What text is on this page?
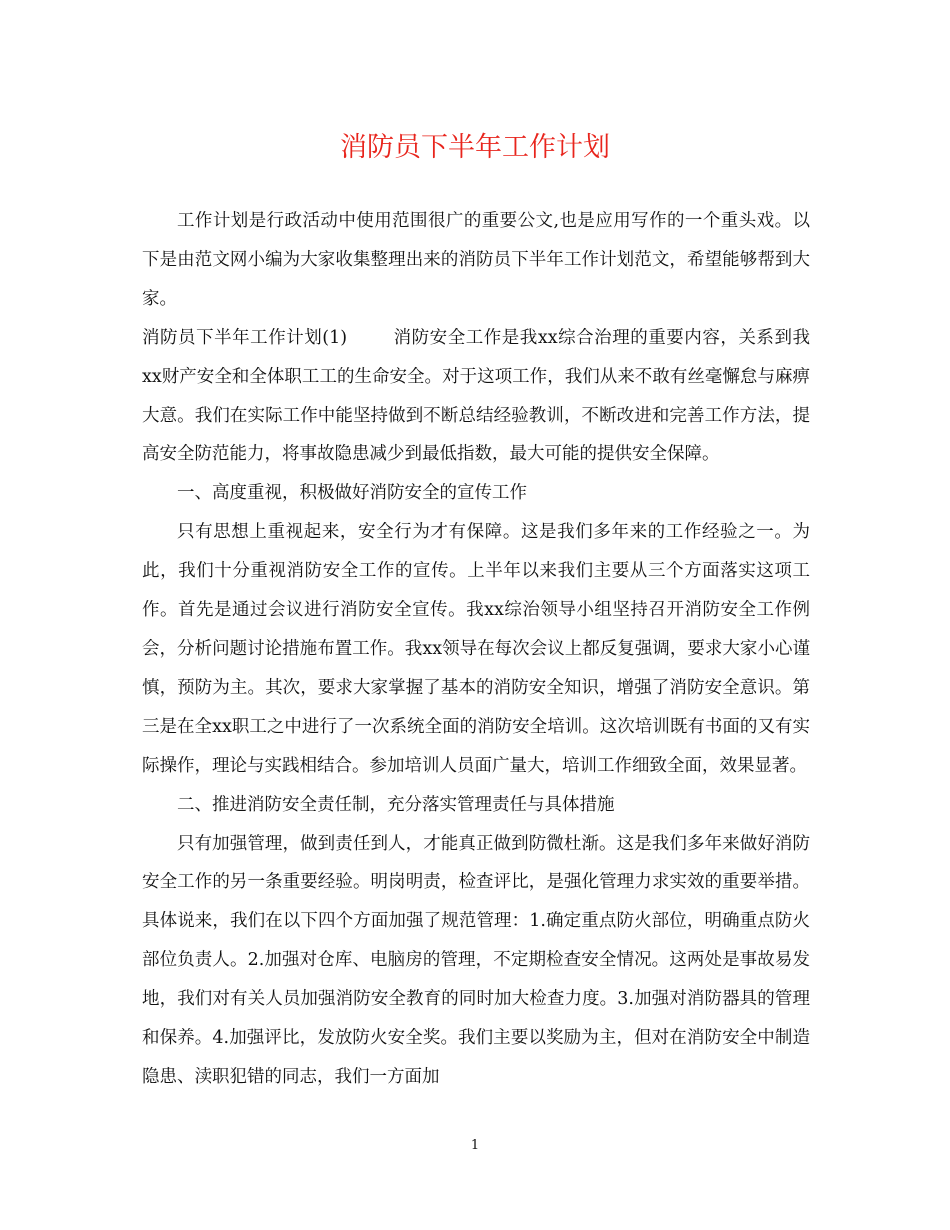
消防员下半年工作计划

工作计划是行政活动中使用范围很广的重要公文,也是应用写作的一个重头戏。以下是由范文网小编为大家收集整理出来的消防员下半年工作计划范文，希望能够帮到大家。

消防员下半年工作计划(1)	消防安全工作是我xx综合治理的重要内容，关系到我xx财产安全和全体职工工的生命安全。对于这项工作，我们从来不敢有丝毫懈怠与麻痹大意。我们在实际工作中能坚持做到不断总结经验教训，不断改进和完善工作方法，提高安全防范能力，将事故隐患减少到最低指数，最大可能的提供安全保障。

一、高度重视，积极做好消防安全的宣传工作

只有思想上重视起来，安全行为才有保障。这是我们多年来的工作经验之一。为此，我们十分重视消防安全工作的宣传。上半年以来我们主要从三个方面落实这项工作。首先是通过会议进行消防安全宣传。我xx综治领导小组坚持召开消防安全工作例会，分析问题讨论措施布置工作。我xx领导在每次会议上都反复强调，要求大家小心谨慎，预防为主。其次，要求大家掌握了基本的消防安全知识，增强了消防安全意识。第三是在全xx职工之中进行了一次系统全面的消防安全培训。这次培训既有书面的又有实际操作，理论与实践相结合。参加培训人员面广量大，培训工作细致全面，效果显著。

二、推进消防安全责任制，充分落实管理责任与具体措施

只有加强管理，做到责任到人，才能真正做到防微杜渐。这是我们多年来做好消防安全工作的另一条重要经验。明岗明责，检查评比，是强化管理力求实效的重要举措。具体说来，我们在以下四个方面加强了规范管理：1.确定重点防火部位，明确重点防火部位负责人。2.加强对仓库、电脑房的管理，不定期检查安全情况。这两处是事故易发地，我们对有关人员加强消防安全教育的同时加大检查力度。3.加强对消防器具的管理和保养。4.加强评比，发放防火安全奖。我们主要以奖励为主，但对在消防安全中制造隐患、渎职犯错的同志，我们一方面加

1
